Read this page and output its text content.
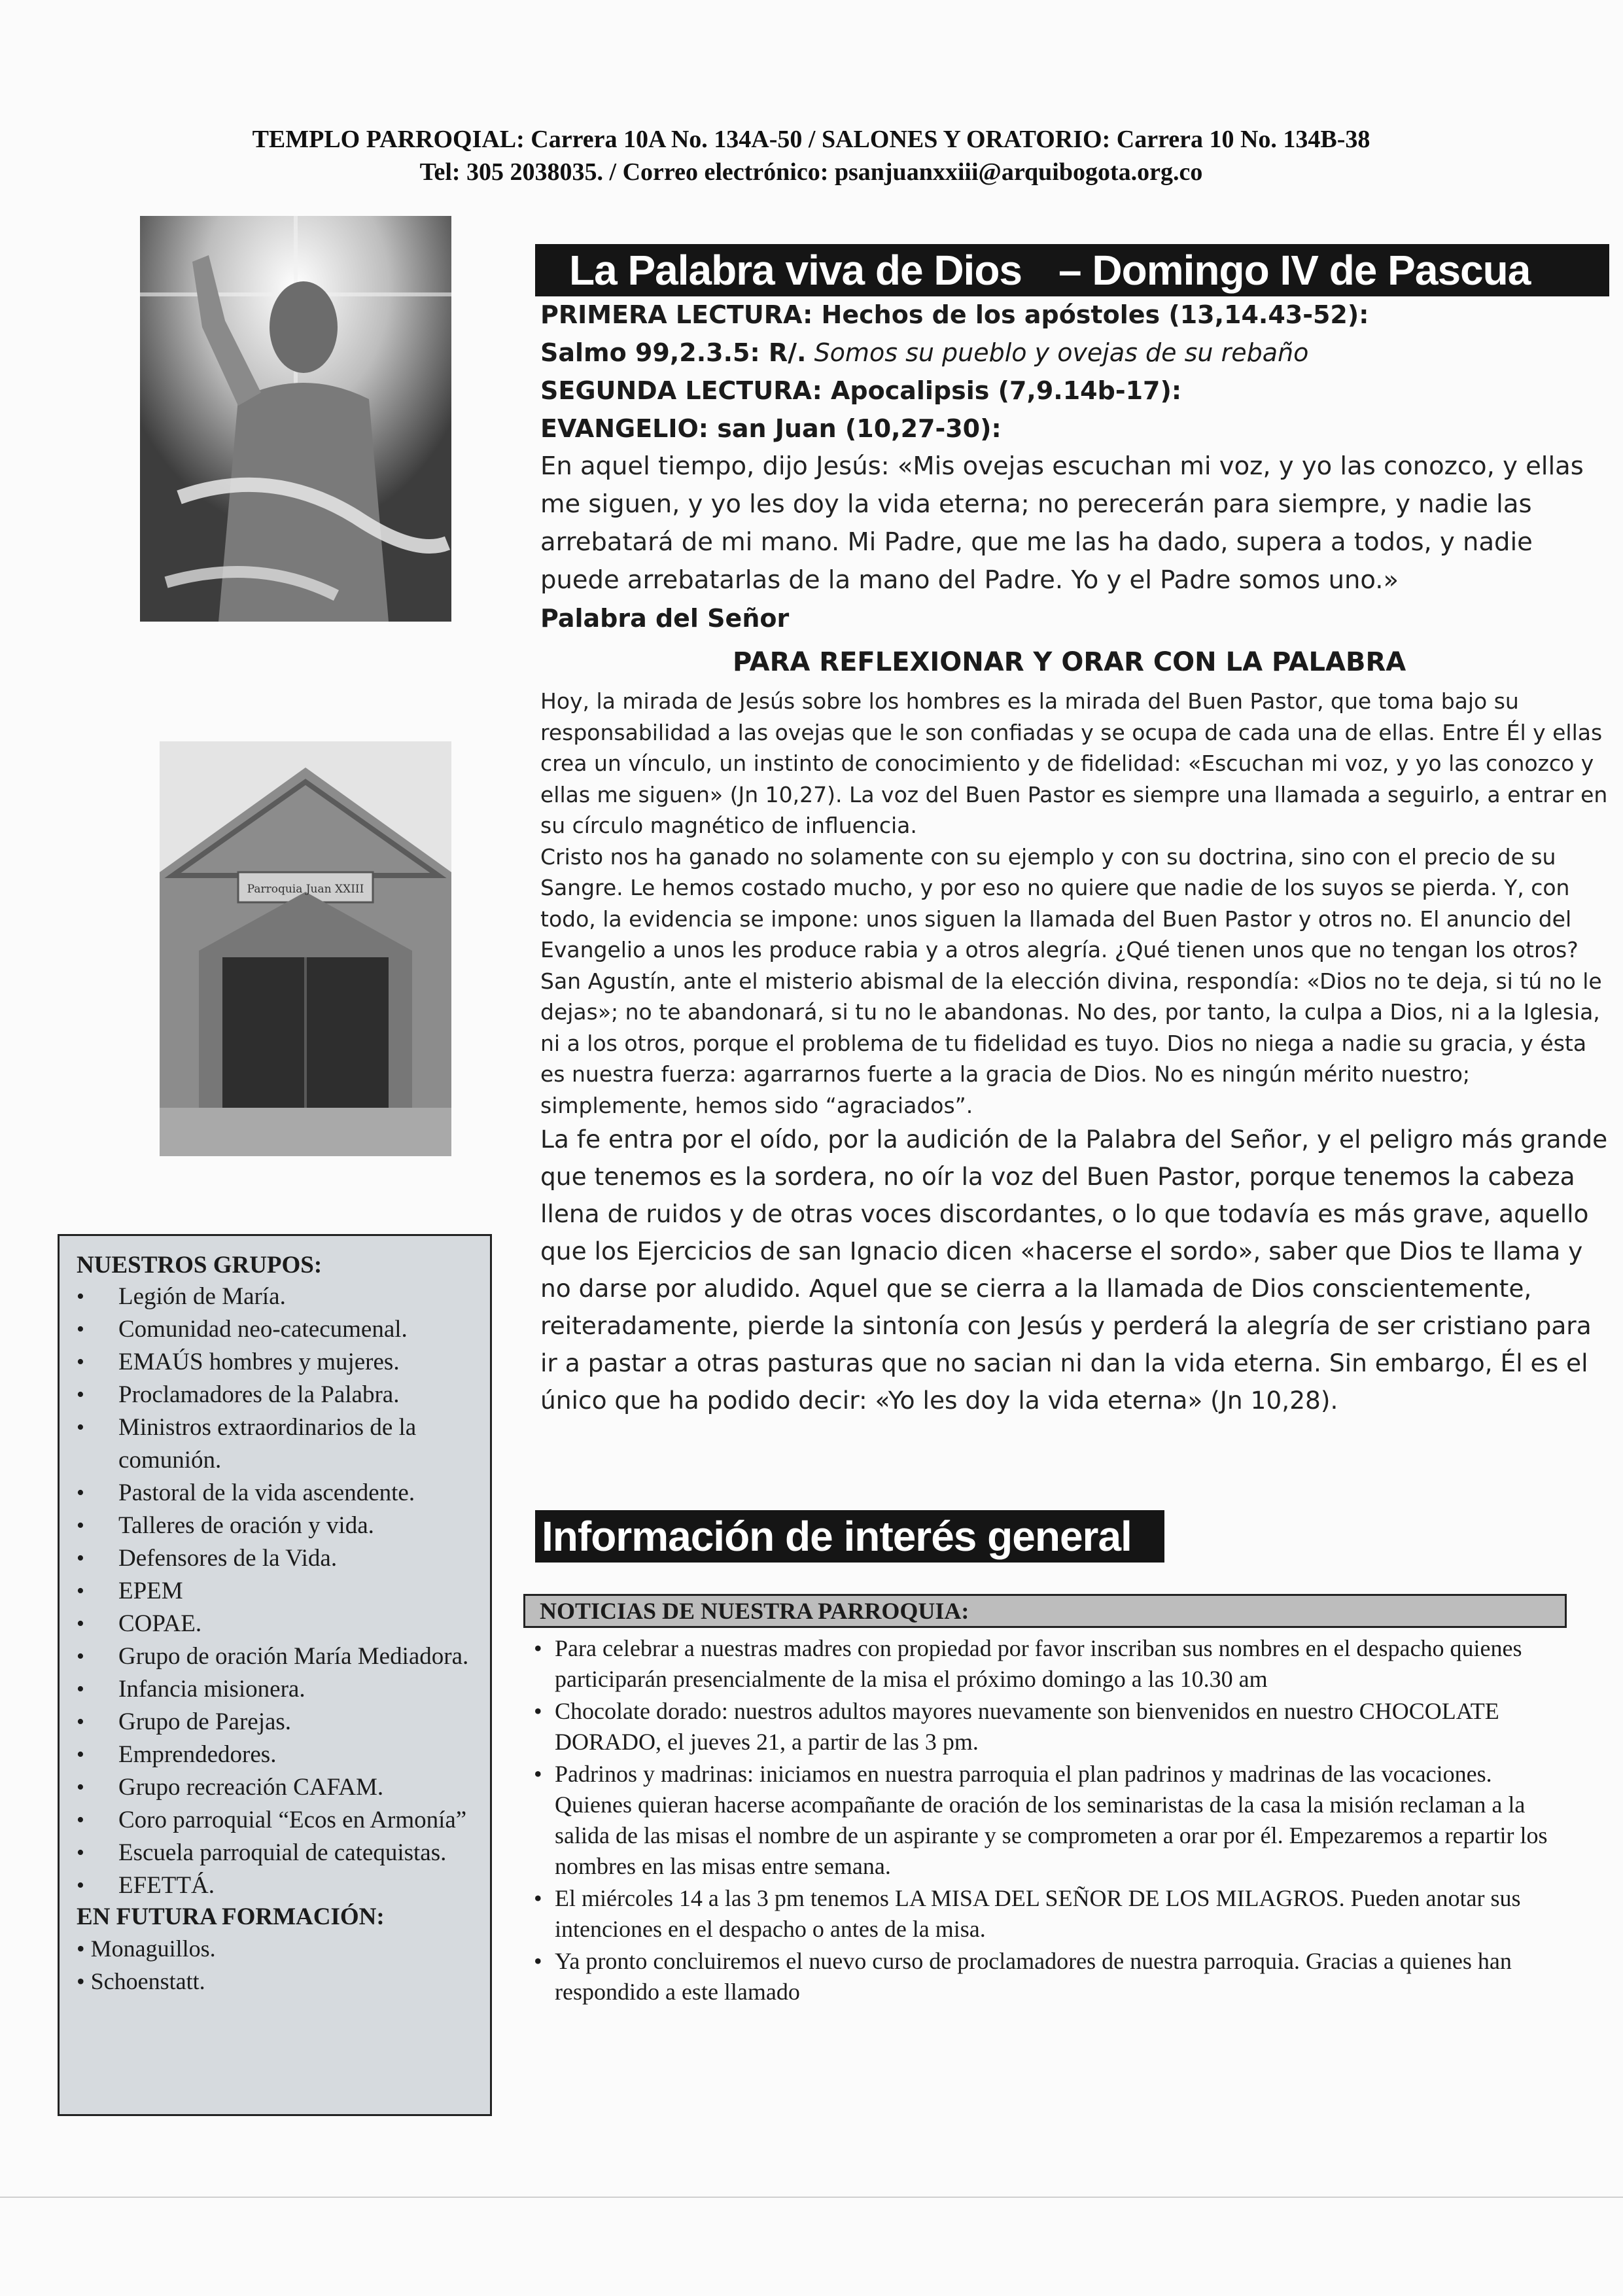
TEMPLO PARROQIAL: Carrera 10A No. 134A-50 / SALONES Y ORATORIO: Carrera 10 No. 134B-38
Tel: 305 2038035. / Correo electrónico: psanjuanxxiii@arquibogota.org.co
Parroquia Juan XXIII
La Palabra viva de Dios – Domingo IV de Pascua
PRIMERA LECTURA: Hechos de los apóstoles (13,14.43-52):
Salmo 99,2.3.5: R/. Somos su pueblo y ovejas de su rebaño
SEGUNDA LECTURA: Apocalipsis (7,9.14b-17):
EVANGELIO: san Juan (10,27-30):

En aquel tiempo, dijo Jesús: «Mis ovejas escuchan mi voz, y yo las conozco, y ellas me siguen, y yo les doy la vida eterna; no perecerán para siempre, y nadie las arrebatará de mi mano. Mi Padre, que me las ha dado, supera a todos, y nadie puede arrebatarlas de la mano del Padre. Yo y el Padre somos uno.»

Palabra del Señor
PARA REFLEXIONAR Y ORAR CON LA PALABRA

Hoy, la mirada de Jesús sobre los hombres es la mirada del Buen Pastor, que toma bajo su responsabilidad a las ovejas que le son confiadas y se ocupa de cada una de ellas. Entre Él y ellas crea un vínculo, un instinto de conocimiento y de fidelidad: «Escuchan mi voz, y yo las conozco y ellas me siguen» (Jn 10,27). La voz del Buen Pastor es siempre una llamada a seguirlo, a entrar en su círculo magnético de influencia.

Cristo nos ha ganado no solamente con su ejemplo y con su doctrina, sino con el precio de su Sangre. Le hemos costado mucho, y por eso no quiere que nadie de los suyos se pierda. Y, con todo, la evidencia se impone: unos siguen la llamada del Buen Pastor y otros no. El anuncio del Evangelio a unos les produce rabia y a otros alegría. ¿Qué tienen unos que no tengan los otros? San Agustín, ante el misterio abismal de la elección divina, respondía: «Dios no te deja, si tú no le dejas»; no te abandonará, si tu no le abandonas. No des, por tanto, la culpa a Dios, ni a la Iglesia, ni a los otros, porque el problema de tu fidelidad es tuyo. Dios no niega a nadie su gracia, y ésta es nuestra fuerza: agarrarnos fuerte a la gracia de Dios. No es ningún mérito nuestro; simplemente, hemos sido “agraciados”.

La fe entra por el oído, por la audición de la Palabra del Señor, y el peligro más grande que tenemos es la sordera, no oír la voz del Buen Pastor, porque tenemos la cabeza llena de ruidos y de otras voces discordantes, o lo que todavía es más grave, aquello que los Ejercicios de san Ignacio dicen «hacerse el sordo», saber que Dios te llama y no darse por aludido. Aquel que se cierra a la llamada de Dios conscientemente, reiteradamente, pierde la sintonía con Jesús y perderá la alegría de ser cristiano para ir a pastar a otras pasturas que no sacian ni dan la vida eterna. Sin embargo, Él es el único que ha podido decir: «Yo les doy la vida eterna» (Jn 10,28).

Información de interés general
NUESTROS GRUPOS:
• Legión de María.
• Comunidad neo-catecumenal.
• EMAÚS hombres y mujeres.
• Proclamadores de la Palabra.
• Ministros extraordinarios de la comunión.
• Pastoral de la vida ascendente.
• Talleres de oración y vida.
• Defensores de la Vida.
• EPEM
• COPAE.
• Grupo de oración María Mediadora.
• Infancia misionera.
• Grupo de Parejas.
• Emprendedores.
• Grupo recreación CAFAM.
• Coro parroquial “Ecos en Armonía”
• Escuela parroquial de catequistas.
• EFETTÁ.
EN FUTURA FORMACIÓN:
• Monaguillos.
• Schoenstatt.
NOTICIAS DE NUESTRA PARROQUIA:
• Para celebrar a nuestras madres con propiedad por favor inscriban sus nombres en el despacho quienes participarán presencialmente de la misa el próximo domingo a las 10.30 am
• Chocolate dorado: nuestros adultos mayores nuevamente son bienvenidos en nuestro CHOCOLATE DORADO, el jueves 21, a partir de las 3 pm.
• Padrinos y madrinas: iniciamos en nuestra parroquia el plan padrinos y madrinas de las vocaciones. Quienes quieran hacerse acompañante de oración de los seminaristas de la casa la misión reclaman a la salida de las misas el nombre de un aspirante y se comprometen a orar por él. Empezaremos a repartir los nombres en las misas entre semana.
• El miércoles 14 a las 3 pm tenemos LA MISA DEL SEÑOR DE LOS MILAGROS. Pueden anotar sus intenciones en el despacho o antes de la misa.
• Ya pronto concluiremos el nuevo curso de proclamadores de nuestra parroquia. Gracias a quienes han respondido a este llamado
